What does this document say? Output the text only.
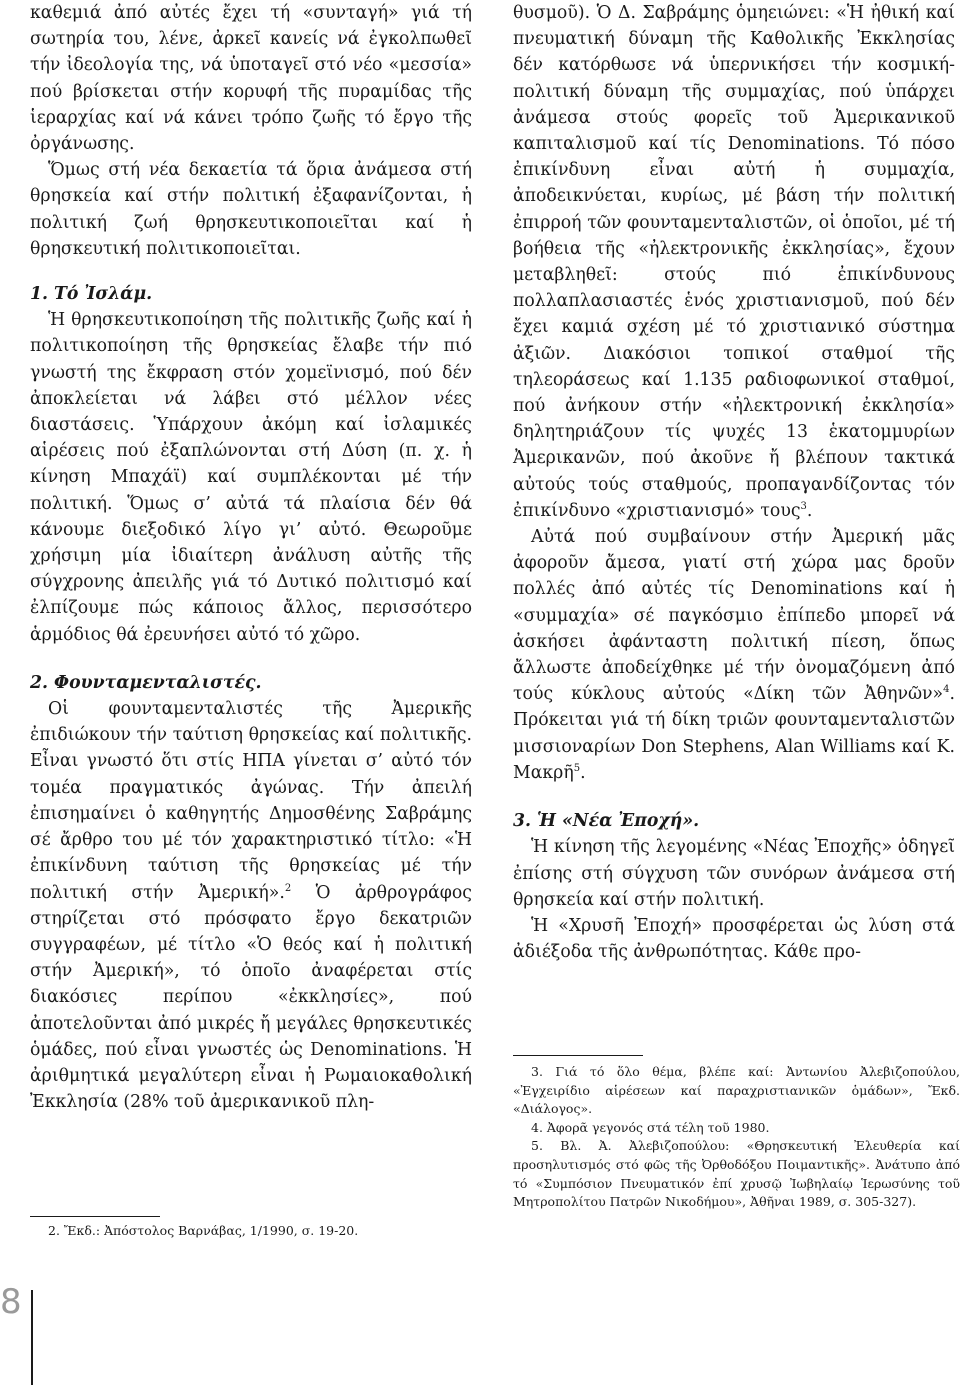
καθεμιά ἀπό αὐτές ἔχει τή «συνταγή» γιά τή σωτηρία του, λένε, ἀρκεῖ κανείς νά ἐγκολπωθεῖ τήν ἰδεολογία της, νά ὑποταγεῖ στό νέο «μεσσία» πού βρίσκεται στήν κορυφή τῆς πυραμίδας τῆς ἱεραρχίας καί νά κάνει τρόπο ζωῆς τό ἔργο τῆς ὀργάνωσης.

Ὅμως στή νέα δεκαετία τά ὅρια ἀνάμεσα στή θρησκεία καί στήν πολιτική ἐξαφανίζονται, ἡ πολιτική ζωή θρησκευτικοποιεῖται καί ἡ θρησκευτική πολιτικοποιεῖται.

1. Τό Ἰσλάμ.

Ἡ θρησκευτικοποίηση τῆς πολιτικῆς ζωῆς καί ἡ πολιτικοποίηση τῆς θρησκείας ἔλαβε τήν πιό γνωστή της ἔκφραση στόν χομεϊνισμό, πού δέν ἀποκλείεται νά λάβει στό μέλλον νέες διαστάσεις. Ὑπάρχουν ἀκόμη καί ἰσλαμικές αἱρέσεις πού ἐξαπλώνονται στή Δύση (π. χ. ἡ κίνηση Μπαχάϊ) καί συμπλέκονται μέ τήν πολιτική. Ὅμως σ’ αὐτά τά πλαίσια δέν θά κάνουμε διεξοδικό λίγο γι’ αὐτό. Θεωροῦμε χρήσιμη μία ἰδιαίτερη ἀνάλυση αὐτῆς τῆς σύγχρονης ἀπειλῆς γιά τό Δυτικό πολιτισμό καί ἐλπίζουμε πώς κάποιος ἄλλος, περισσότερο ἁρμόδιος θά ἐρευνήσει αὐτό τό χῶρο.

2. Φουνταμενταλιστές.

Οἱ φουνταμενταλιστές τῆς Ἀμερικῆς ἐπιδιώκουν τήν ταύτιση θρησκείας καί πολιτικῆς. Εἶναι γνωστό ὅτι στίς ΗΠΑ γίνεται σ’ αὐτό τόν τομέα πραγματικός ἀγώνας. Τήν ἀπειλή ἐπισημαίνει ὁ καθηγητής Δημοσθένης Σαβράμης σέ ἄρθρο του μέ τόν χαρακτηριστικό τίτλο: «Ἡ ἐπικίνδυνη ταύτιση τῆς θρησκείας μέ τήν πολιτική στήν Ἀμερική».$^2$ Ὁ ἀρθρογράφος στηρίζεται στό πρόσφατο ἔργο δεκατριῶν συγγραφέων, μέ τίτλο «Ὁ θεός καί ἡ πολιτική στήν Ἀμερική», τό ὁποῖο ἀναφέρεται στίς διακόσιες περίπου «ἐκκλησίες», πού ἀποτελοῦνται ἀπό μικρές ἤ μεγάλες θρησκευτικές ὁμάδες, πού εἶναι γνωστές ὡς Denominations. Ἡ ἀριθμητικά μεγαλύτερη εἶναι ἡ Ρωμαιοκαθολική Ἐκκλησία (28% τοῦ ἀμερικανικοῦ πλη-

θυσμοῦ). Ὁ Δ. Σαβράμης ὁμηειώνει: «Ἡ ἠθική καί πνευματική δύναμη τῆς Καθολικῆς Ἐκκλησίας δέν κατόρθωσε νά ὑπερνικήσει τήν κοσμική-πολιτική δύναμη τῆς συμμαχίας, πού ὑπάρχει ἀνάμεσα στούς φορεῖς τοῦ Ἀμερικανικοῦ καπιταλισμοῦ καί τίς Denominations. Τό πόσο ἐπικίνδυνη εἶναι αὐτή ἡ συμμαχία, ἀποδεικνύεται, κυρίως, μέ βάση τήν πολιτική ἐπιρροή τῶν φουνταμενταλιστῶν, οἱ ὁποῖοι, μέ τή βοήθεια τῆς «ἠλεκτρονικῆς ἐκκλησίας», ἔχουν μεταβληθεῖ: στούς πιό ἐπικίνδυνους πολλαπλασιαστές ἑνός χριστιανισμοῦ, πού δέν ἔχει καμιά σχέση μέ τό χριστιανικό σύστημα ἀξιῶν. Διακόσιοι τοπικοί σταθμοί τῆς τηλεοράσεως καί 1.135 ραδιοφωνικοί σταθμοί, πού ἀνήκουν στήν «ἠλεκτρονική ἐκκλησία» δηλητηριάζουν τίς ψυχές 13 ἑκατομμυρίων Ἀμερικανῶν, πού ἀκοῦνε ἤ βλέπουν τακτικά αὐτούς τούς σταθμούς, προπαγανδίζοντας τόν ἐπικίνδυνο «χριστιανισμό» τους$^3$.

Αὐτά πού συμβαίνουν στήν Ἀμερική μᾶς ἀφοροῦν ἄμεσα, γιατί στή χώρα μας δροῦν πολλές ἀπό αὐτές τίς Denominations καί ἡ «συμμαχία» σέ παγκόσμιο ἐπίπεδο μπορεῖ νά ἀσκήσει ἀφάνταστη πολιτική πίεση, ὅπως ἄλλωστε ἀποδείχθηκε μέ τήν ὀνομαζόμενη ἀπό τούς κύκλους αὐτούς «Δίκη τῶν Ἀθηνῶν»$^4$. Πρόκειται γιά τή δίκη τριῶν φουνταμενταλιστῶν μισσιοναρίων Don Stephens, Alan Williams καί Κ. Μακρῆ$^5$.

3. Ἡ «Νέα Ἐποχή».

Ἡ κίνηση τῆς λεγομένης «Νέας Ἐποχῆς» ὁδηγεῖ ἐπίσης στή σύγχυση τῶν συνόρων ἀνάμεσα στή θρησκεία καί στήν πολιτική.

Ἡ «Χρυσῆ Ἐποχή» προσφέρεται ὡς λύση στά ἀδιέξοδα τῆς ἀνθρωπότητας. Κάθε προ-

2. Ἔκδ.: Ἀπόστολος Βαρνάβας, 1/1990, σ. 19-20.

3. Γιά τό ὅλο θέμα, βλέπε καί: Ἀντωνίου Ἀλεβιζοπούλου, «Ἐγχειρίδιο αἱρέσεων καί παραχριστιανικῶν ὁμάδων», Ἔκδ. «Διάλογος».

4. Ἀφορᾶ γεγονός στά τέλη τοῦ 1980.

5. Βλ. Ἀ. Ἀλεβιζοπούλου: «Θρησκευτική Ἐλευθερία καί προσηλυτισμός στό φῶς τῆς Ὀρθοδόξου Ποιμαντικῆς». Ἀνάτυπο ἀπό τό «Συμπόσιον Πνευματικόν ἐπί χρυσῷ Ἰωβηλαίῳ Ἱερωσύνης τοῦ Μητροπολίτου Πατρῶν Νικοδήμου», Ἀθῆναι 1989, σ. 305-327).

8
